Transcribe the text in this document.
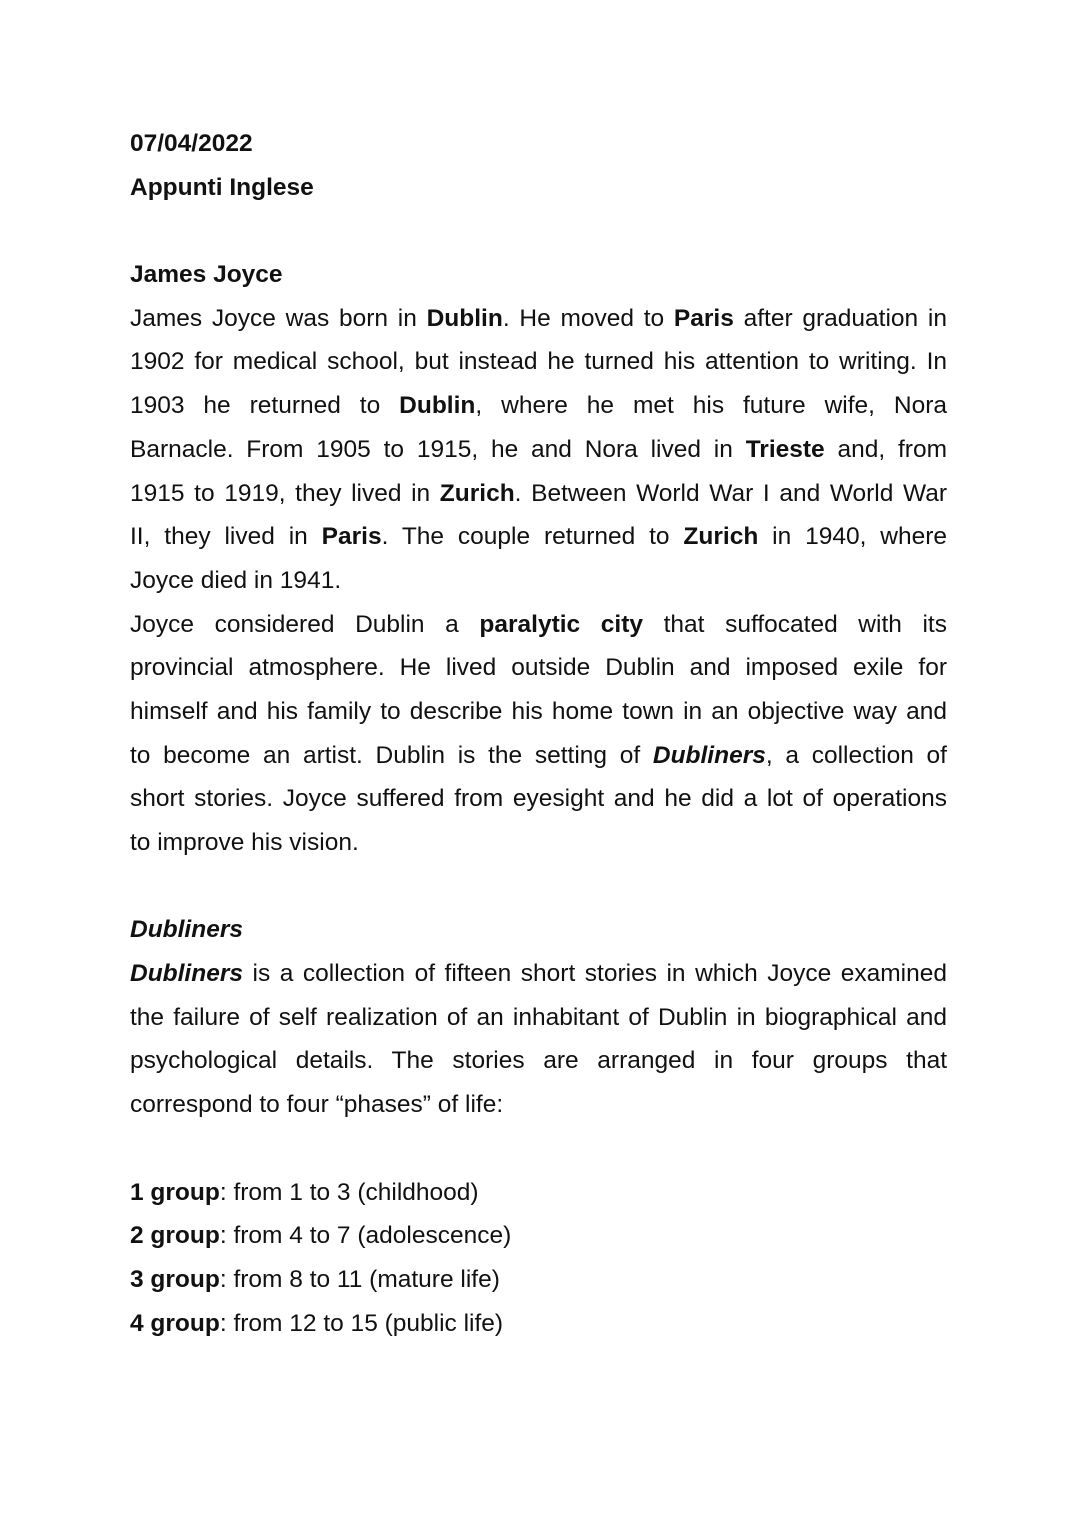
07/04/2022
Appunti Inglese
James Joyce
James Joyce was born in Dublin. He moved to Paris after graduation in
1902 for medical school, but instead he turned his attention to writing. In
1903 he returned to Dublin, where he met his future wife, Nora
Barnacle. From 1905 to 1915, he and Nora lived in Trieste and, from
1915 to 1919, they lived in Zurich. Between World War I and World War
II, they lived in Paris. The couple returned to Zurich in 1940, where
Joyce died in 1941.
Joyce considered Dublin a paralytic city that suffocated with its
provincial atmosphere. He lived outside Dublin and imposed exile for
himself and his family to describe his home town in an objective way and
to become an artist. Dublin is the setting of Dubliners, a collection of
short stories. Joyce suffered from eyesight and he did a lot of operations
to improve his vision.
Dubliners
Dubliners is a collection of fifteen short stories in which Joyce examined
the failure of self realization of an inhabitant of Dublin in biographical and
psychological details. The stories are arranged in four groups that
correspond to four “phases” of life:
1 group: from 1 to 3 (childhood)
2 group: from 4 to 7 (adolescence)
3 group: from 8 to 11 (mature life)
4 group: from 12 to 15 (public life)
